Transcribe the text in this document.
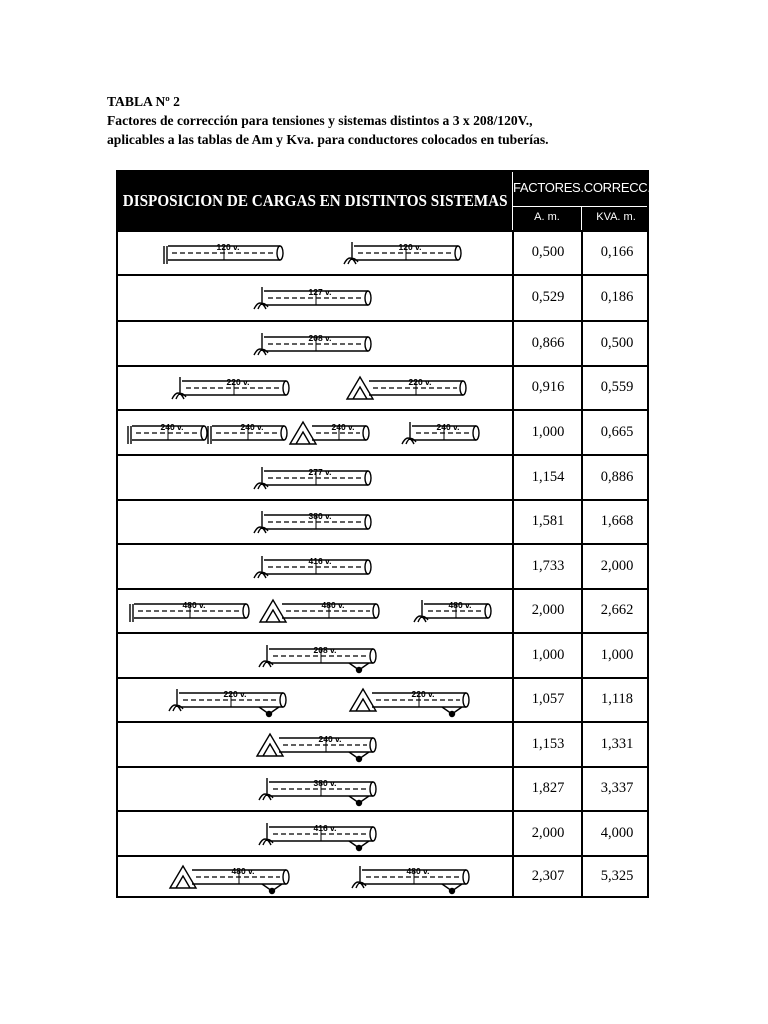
TABLA Nº 2
Factores de corrección para tensiones y sistemas distintos a 3 x 208/120V.,
aplicables a las tablas de Am y Kva. para conductores colocados en tuberías.
DISPOSICION DE CARGAS EN DISTINTOS SISTEMAS
FACTORES.CORRECC.
A. m.	KVA. m.
0,500	0,166
120 v.	120 v.
0,529	0,186
127 v.
0,866	0,500
208 v.
0,916	0,559
220 v.	220 v.
1,000	0,665
240 v.	240 v.	240 v.	240 v.
1,154	0,886
277 v.
1,581	1,668
380 v.
1,733	2,000
416 v.
2,000	2,662
480 v.	480 v.	480 v.
1,000	1,000
208 v.
1,057	1,118
220 v.	220 v.
1,153	1,331
240 v.
1,827	3,337
380 v.
2,000	4,000
416 v.
2,307	5,325
480 v.	480 v.
